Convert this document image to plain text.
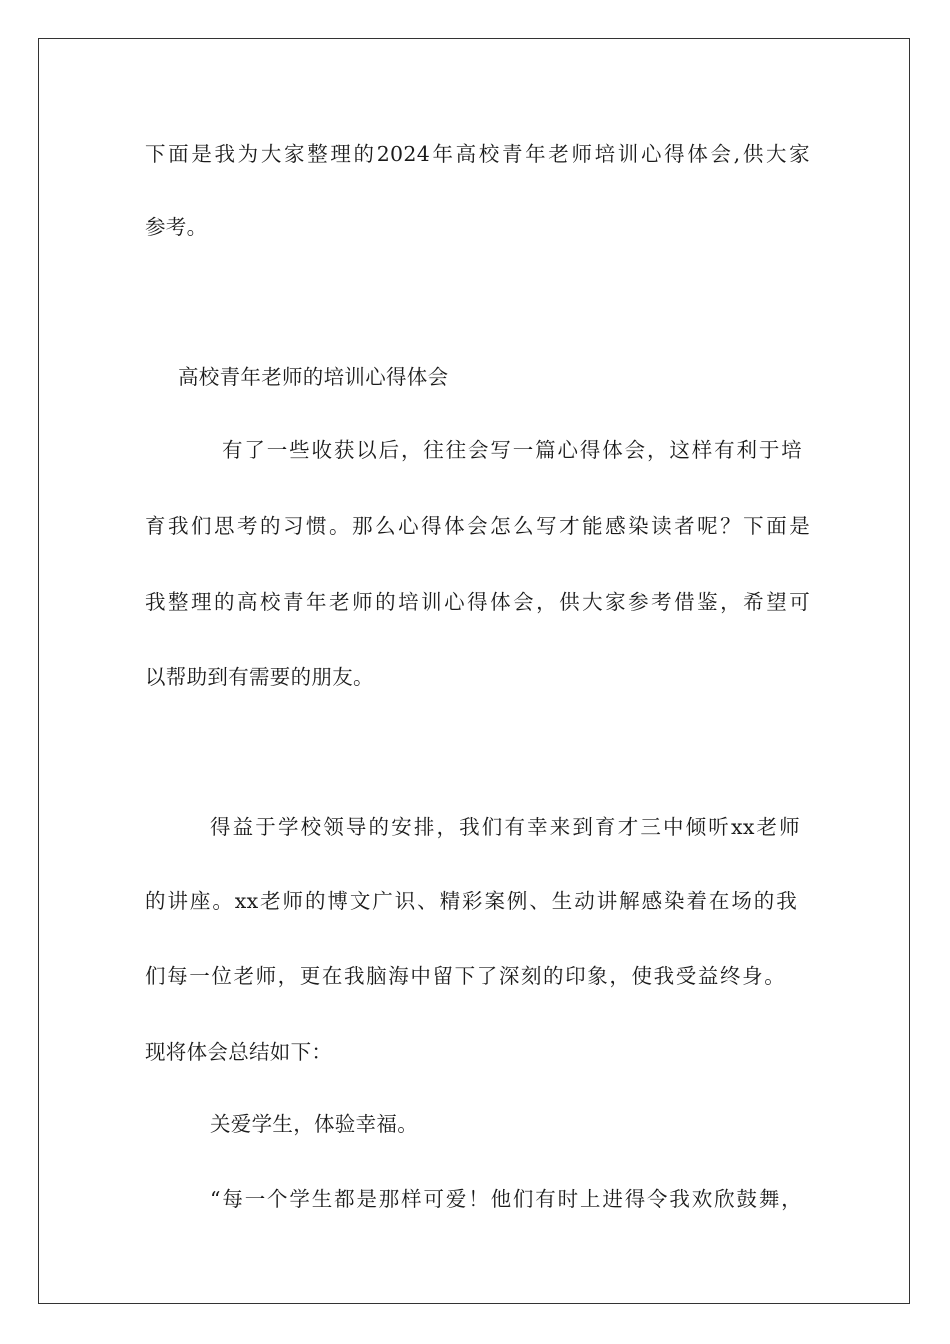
下面是我为大家整理的2024年高校青年老师培训心得体会,供大家
参考。
高校青年老师的培训心得体会
有了一些收获以后，往往会写一篇心得体会，这样有利于培
育我们思考的习惯。那么心得体会怎么写才能感染读者呢？下面是
我整理的高校青年老师的培训心得体会，供大家参考借鉴，希望可
以帮助到有需要的朋友。
得益于学校领导的安排，我们有幸来到育才三中倾听xx老师
的讲座。xx老师的博文广识、精彩案例、生动讲解感染着在场的我
们每一位老师，更在我脑海中留下了深刻的印象，使我受益终身。
现将体会总结如下：
关爱学生，体验幸福。
“每一个学生都是那样可爱！他们有时上进得令我欢欣鼓舞，
